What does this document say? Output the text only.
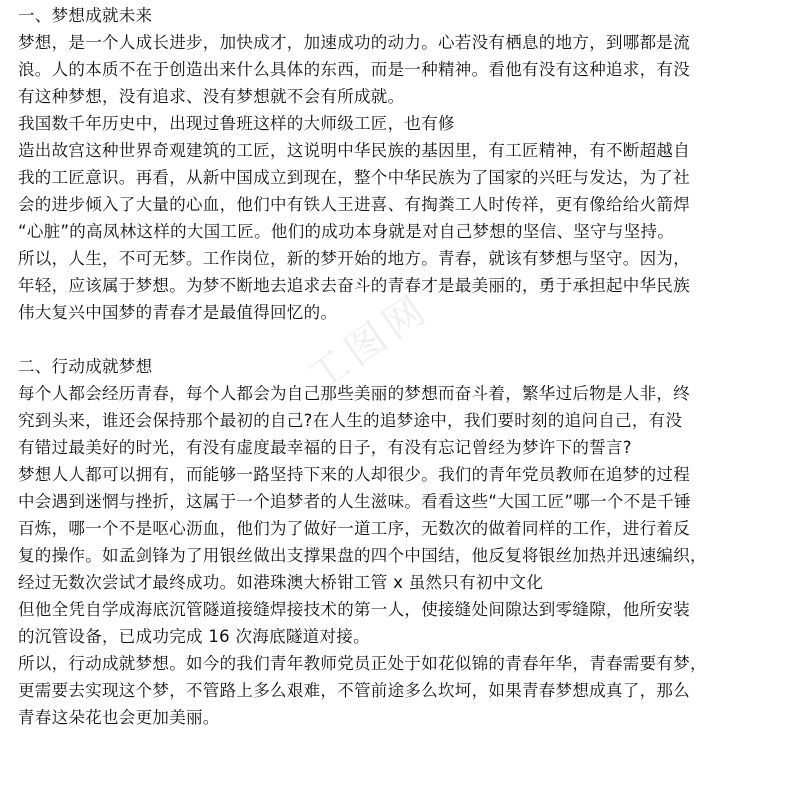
工图网
一、梦想成就未来
梦想，是一个人成长进步，加快成才，加速成功的动力。心若没有栖息的地方，到哪都是流
浪。人的本质不在于创造出来什么具体的东西，而是一种精神。看他有没有这种追求，有没
有这种梦想，没有追求、没有梦想就不会有所成就。
我国数千年历史中，出现过鲁班这样的大师级工匠，也有修
造出故宫这种世界奇观建筑的工匠，这说明中华民族的基因里，有工匠精神，有不断超越自
我的工匠意识。再看，从新中国成立到现在，整个中华民族为了国家的兴旺与发达，为了社
会的进步倾入了大量的心血，他们中有铁人王进喜、有掏粪工人时传祥，更有像给给火箭焊
“心脏”的高凤林这样的大国工匠。他们的成功本身就是对自己梦想的坚信、坚守与坚持。
所以，人生，不可无梦。工作岗位，新的梦开始的地方。青春，就该有梦想与坚守。因为，
年轻，应该属于梦想。为梦不断地去追求去奋斗的青春才是最美丽的，勇于承担起中华民族
伟大复兴中国梦的青春才是最值得回忆的。
二、行动成就梦想
每个人都会经历青春，每个人都会为自己那些美丽的梦想而奋斗着，繁华过后物是人非，终
究到头来，谁还会保持那个最初的自己?在人生的追梦途中，我们要时刻的追问自己，有没
有错过最美好的时光，有没有虚度最幸福的日子，有没有忘记曾经为梦许下的誓言?
梦想人人都可以拥有，而能够一路坚持下来的人却很少。我们的青年党员教师在追梦的过程
中会遇到迷惘与挫折，这属于一个追梦者的人生滋味。看看这些“大国工匠”哪一个不是千锤
百炼，哪一个不是呕心沥血，他们为了做好一道工序，无数次的做着同样的工作，进行着反
复的操作。如孟剑锋为了用银丝做出支撑果盘的四个中国结，他反复将银丝加热并迅速编织，
经过无数次尝试才最终成功。如港珠澳大桥钳工管 x 虽然只有初中文化
但他全凭自学成海底沉管隧道接缝焊接技术的第一人，使接缝处间隙达到零缝隙，他所安装
的沉管设备，已成功完成 16 次海底隧道对接。
所以，行动成就梦想。如今的我们青年教师党员正处于如花似锦的青春年华，青春需要有梦，
更需要去实现这个梦，不管路上多么艰难，不管前途多么坎坷，如果青春梦想成真了，那么
青春这朵花也会更加美丽。
